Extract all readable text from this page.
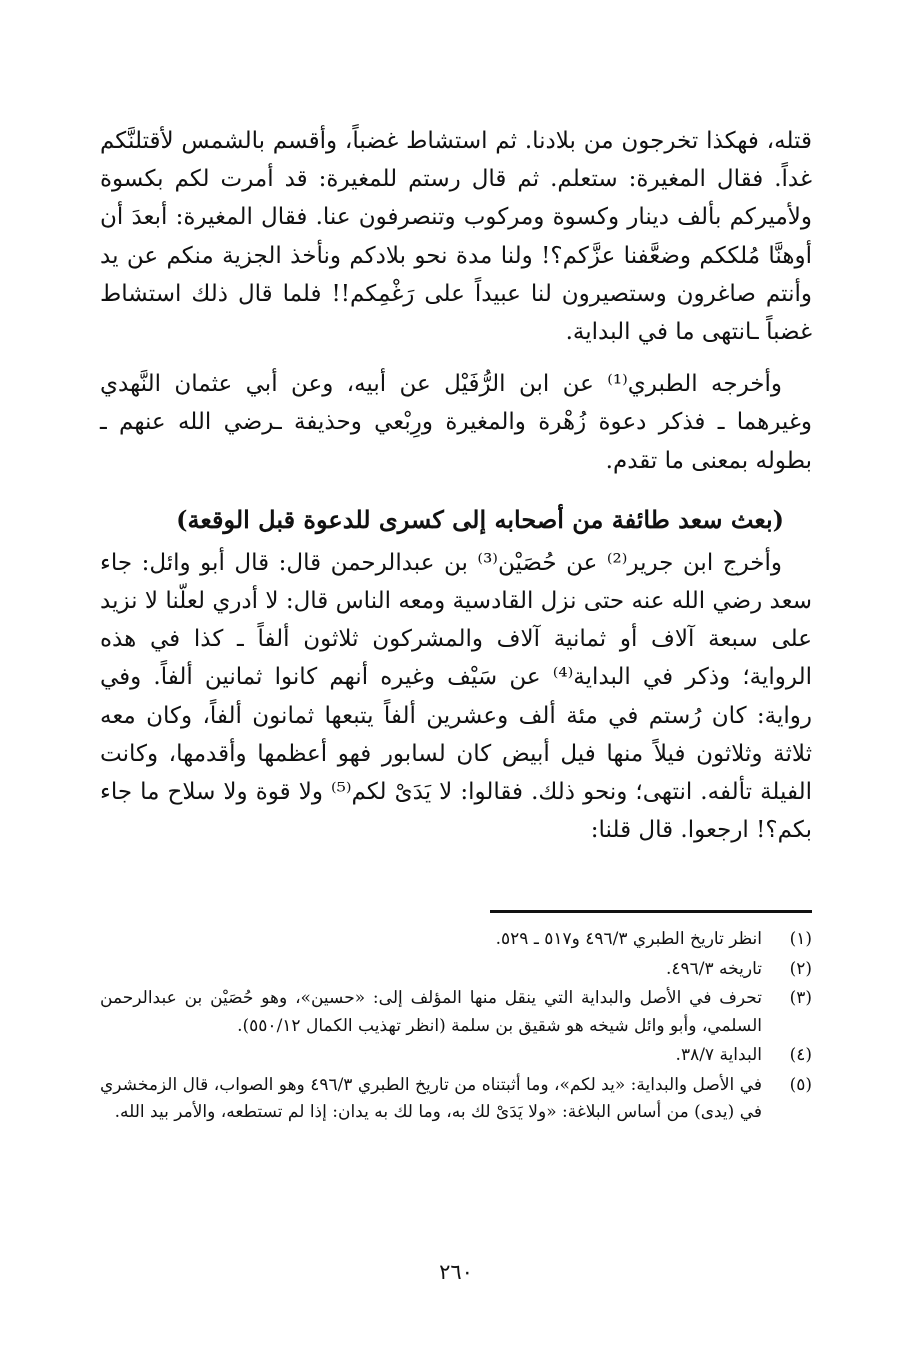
قتله، فهكذا تخرجون من بلادنا. ثم استشاط غضباً، وأقسم بالشمس لأقتلنَّكم غداً. فقال المغيرة: ستعلم. ثم قال رستم للمغيرة: قد أمرت لكم بكسوة ولأميركم بألف دينار وكسوة ومركوب وتنصرفون عنا. فقال المغيرة: أبعدَ أن أوهنَّا مُلككم وضعَّفنا عزَّكم؟! ولنا مدة نحو بلادكم ونأخذ الجزية منكم عن يد وأنتم صاغرون وستصيرون لنا عبيداً على رَغْمِكم!! فلما قال ذلك استشاط غضباً ـانتهى ما في البداية.

وأخرجه الطبري⁽¹⁾ عن ابن الرُّفَيْل عن أبيه، وعن أبي عثمان النَّهدي وغيرهما ـ فذكر دعوة زُهْرة والمغيرة ورِبْعي وحذيفة ـرضي الله عنهم ـ بطوله بمعنى ما تقدم.

(بعث سعد طائفة من أصحابه إلى كسرى للدعوة قبل الوقعة)

وأخرج ابن جرير⁽²⁾ عن حُصَيْن⁽³⁾ بن عبدالرحمن قال: قال أبو وائل: جاء سعد رضي الله عنه حتى نزل القادسية ومعه الناس قال: لا أدري لعلّنا لا نزيد على سبعة آلاف أو ثمانية آلاف والمشركون ثلاثون ألفاً ـ كذا في هذه الرواية؛ وذكر في البداية⁽⁴⁾ عن سَيْف وغيره أنهم كانوا ثمانين ألفاً. وفي رواية: كان رُستم في مئة ألف وعشرين ألفاً يتبعها ثمانون ألفاً، وكان معه ثلاثة وثلاثون فيلاً منها فيل أبيض كان لسابور فهو أعظمها وأقدمها، وكانت الفيلة تألفه. انتهى؛ ونحو ذلك. فقالوا: لا يَدَىْ لكم⁽⁵⁾ ولا قوة ولا سلاح ما جاء بكم؟! ارجعوا. قال قلنا:

(١)
انظر تاريخ الطبري ٤٩٦/٣ و٥١٧ ـ ٥٢٩.
(٢)
تاريخه ٤٩٦/٣.
(٣)
تحرف في الأصل والبداية التي ينقل منها المؤلف إلى: «حسين»، وهو حُصَيْن بن عبدالرحمن السلمي، وأبو وائل شيخه هو شقيق بن سلمة (انظر تهذيب الكمال ٥٥٠/١٢).
(٤)
البداية ٣٨/٧.
(٥)
في الأصل والبداية: «يد لكم»، وما أثبتناه من تاريخ الطبري ٤٩٦/٣ وهو الصواب، قال الزمخشري في (يدى) من أساس البلاغة: «ولا يَدَىْ لك به، وما لك به يدان: إذا لم تستطعه، والأمر بيد الله.
٢٦٠
